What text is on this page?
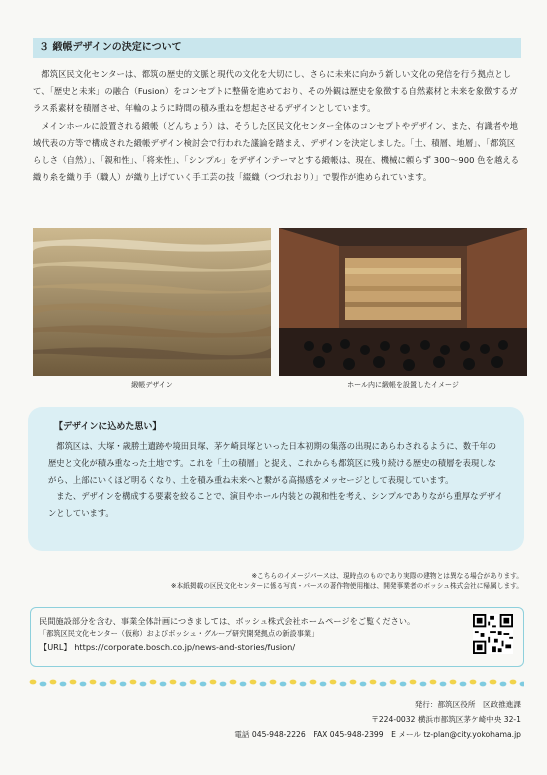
３ 緞帳デザインの決定について

都筑区民文化センターは、都筑の歴史的文脈と現代の文化を大切にし、さらに未来に向かう新しい文化の発信を行う拠点として、「歴史と未来」の融合（Fusion）をコンセプトに整備を進めており、その外観は歴史を象徴する自然素材と未来を象徴するガラス系素材を積層させ、年輪のように時間の積み重ねを想起させるデザインとしています。

メインホールに設置される緞帳（どんちょう）は、そうした区民文化センター全体のコンセプトやデザイン、また、有識者や地域代表の方等で構成された緞帳デザイン検討会で行われた議論を踏まえ、デザインを決定しました。「土、積層、地層」、「都筑区らしさ（自然）」、「親和性」、「将来性」、「シンプル」をデザインテーマとする緞帳は、現在、機械に頼らず 300～900 色を越える織り糸を織り手（職人）が織り上げていく手工芸の技「綴織（つづれおり）」で製作が進められています。

緞帳デザイン	ホール内に緞帳を設置したイメージ
【デザインに込めた思い】

都筑区は、大塚・歳勝土遺跡や境田貝塚、茅ケ崎貝塚といった日本初期の集落の出現にあらわされるように、数千年の歴史と文化が積み重なった土地です。これを「土の積層」と捉え、これからも都筑区に残り続ける歴史の積層を表現しながら、上部にいくほど明るくなり、土を積み重ね未来へと繋がる高揚感をメッセージとして表現しています。

また、デザインを構成する要素を絞ることで、演目やホール内装との親和性を考え、シンプルでありながら重厚なデザインとしています。

※こちらのイメージパースは、現時点のものであり実際の建物とは異なる場合があります。
※本紙掲載の区民文化センターに係る写真・パースの著作物使用権は、開発事業者のボッシュ株式会社に帰属します。
民間施設部分を含む、事業全体計画につきましては、ボッシュ株式会社ホームページをご覧ください。
「都筑区民文化センター（仮称）およびボッシュ・グループ研究開発拠点の新設事業」
【URL】 https://corporate.bosch.co.jp/news-and-stories/fusion/
発行：都筑区役所　区政推進課
〒224-0032 横浜市都筑区茅ケ崎中央 32-1
電話 045-948-2226　FAX 045-948-2399　E メール tz-plan@city.yokohama.jp
